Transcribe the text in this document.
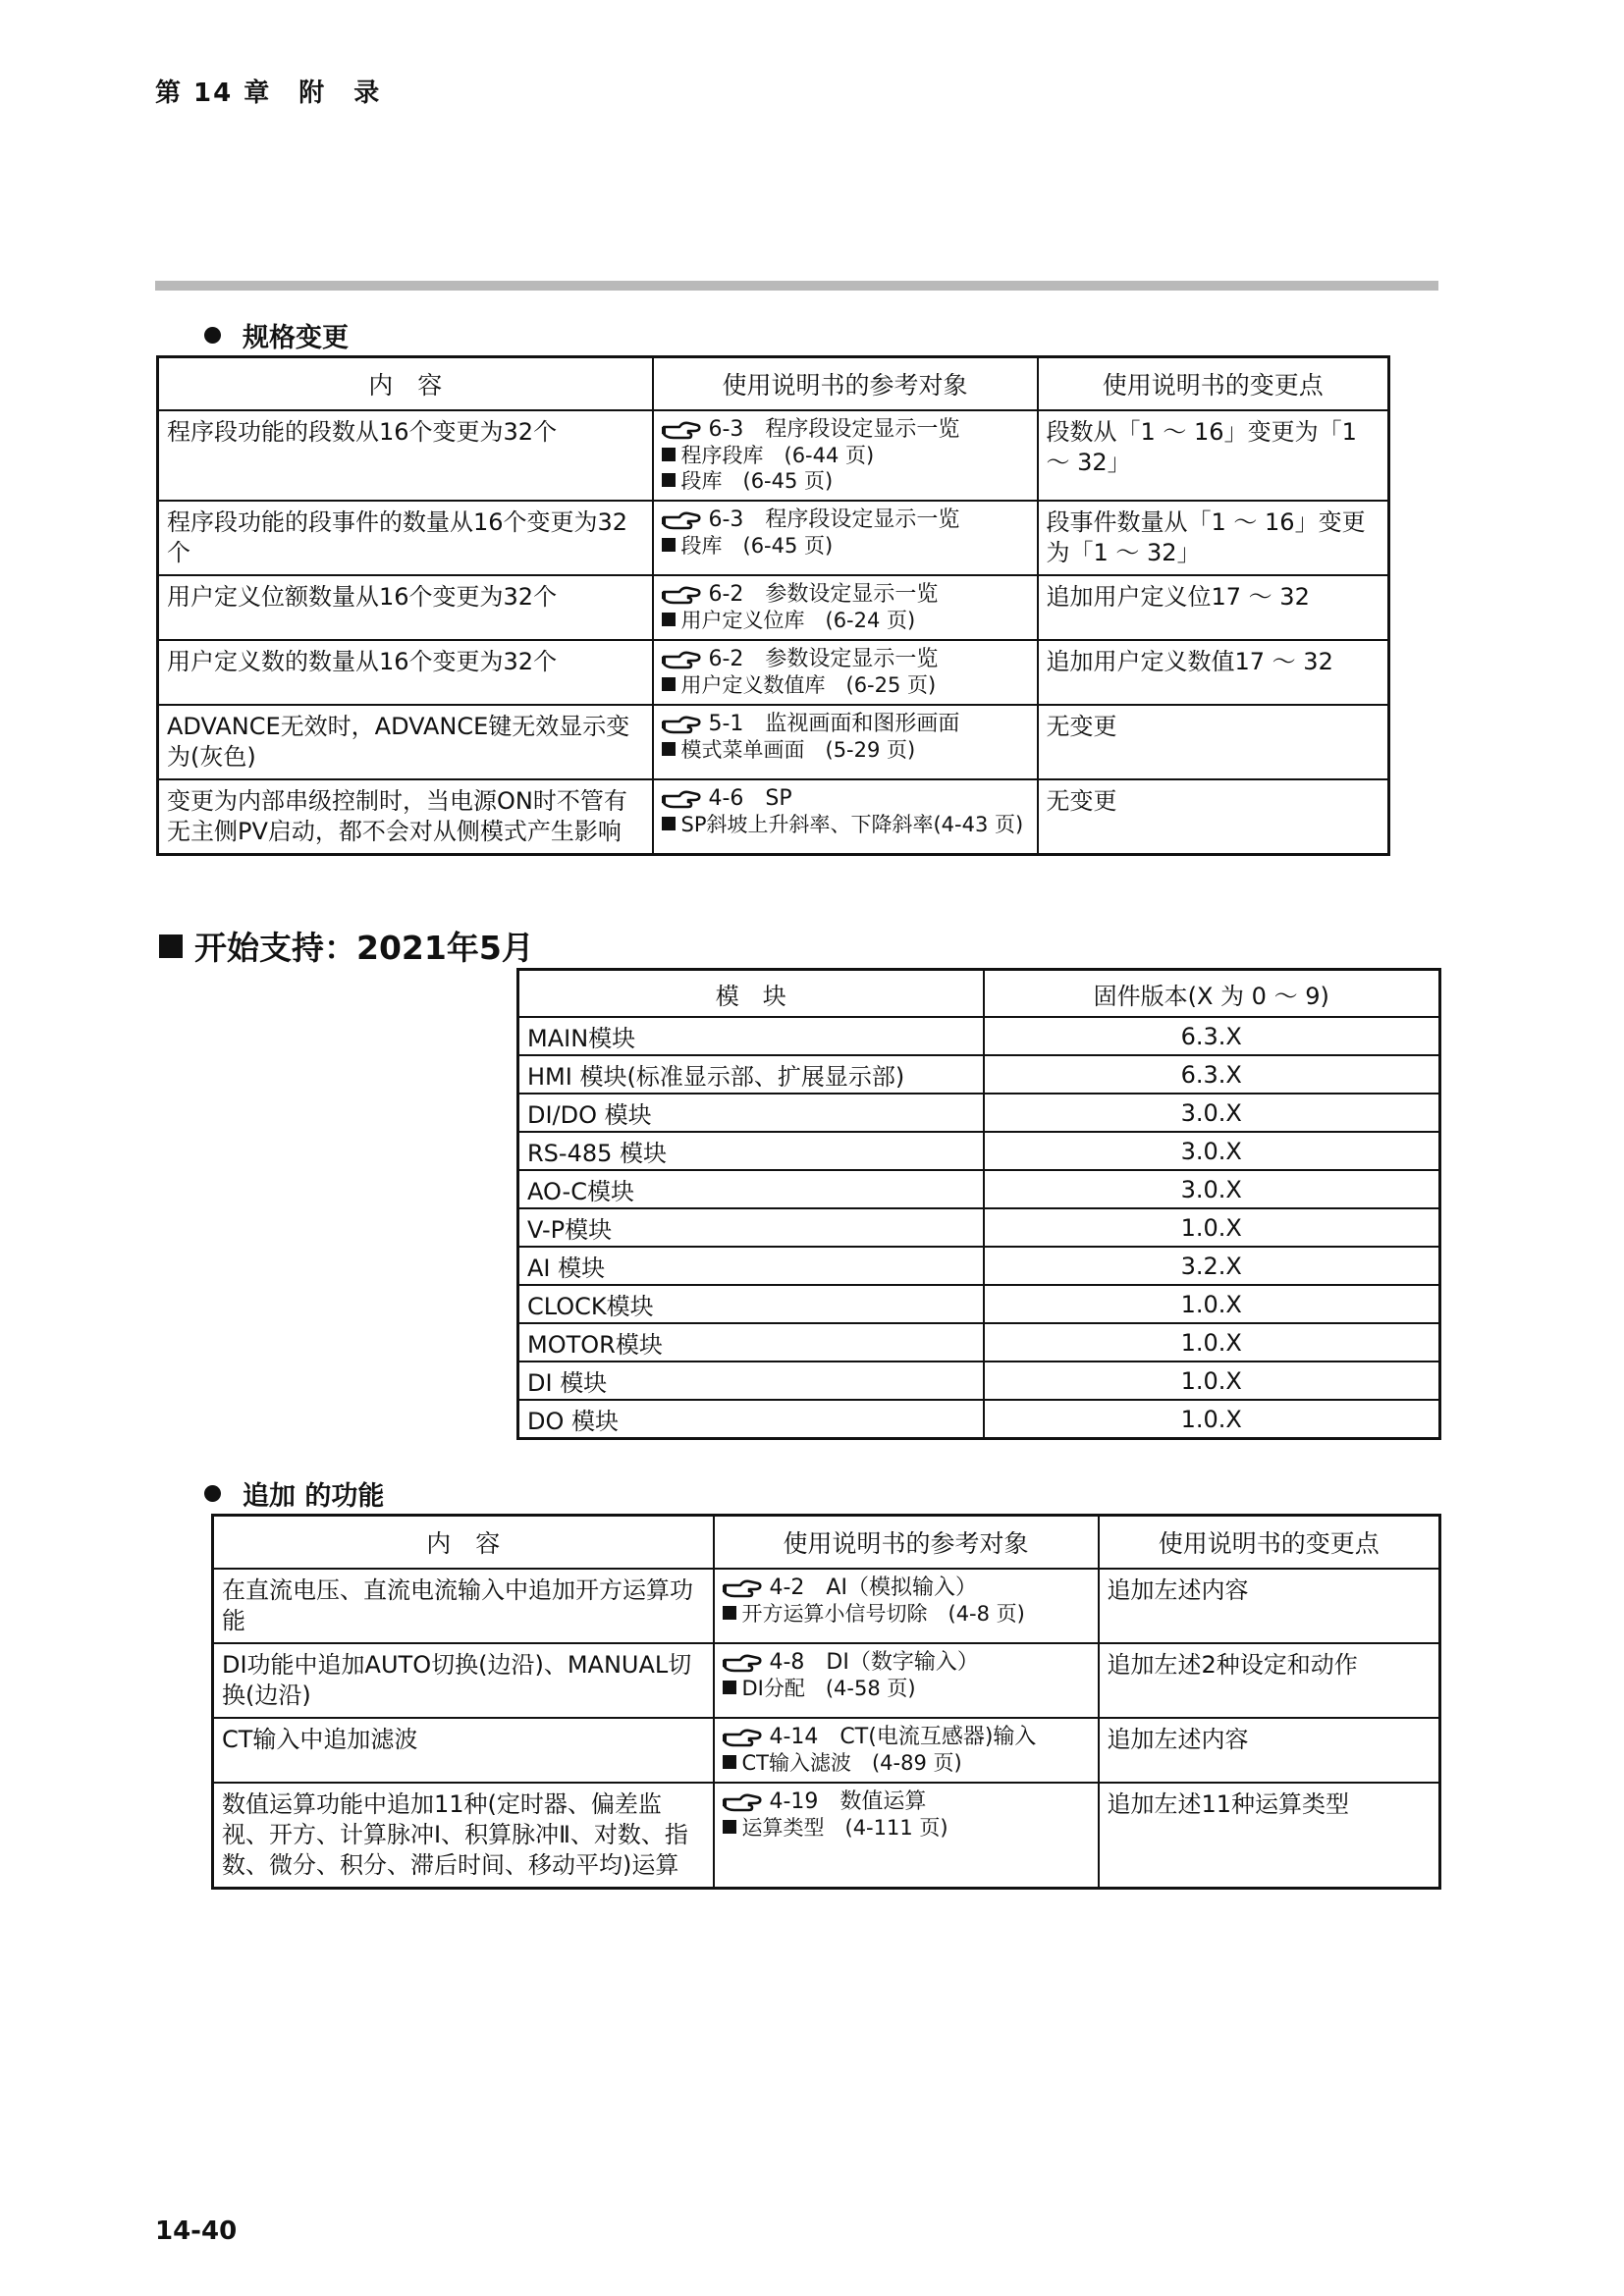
第 14 章　附　录
规格变更
内　容	使用说明书的参考对象	使用说明书的变更点

程序段功能的段数从16个变更为32个	6-3　程序段设定显示一览
程序段库　(6-44 页)
段库　(6-45 页)	段数从「1 ～ 16」变更为「1 ～ 32」

程序段功能的段事件的数量从16个变更为32个	6-3　程序段设定显示一览
段库　(6-45 页)	段事件数量从「1 ～ 16」变更为「1 ～ 32」

用户定义位额数量从16个变更为32个	6-2　参数设定显示一览
用户定义位库　(6-24 页)	追加用户定义位17 ～ 32

用户定义数的数量从16个变更为32个	6-2　参数设定显示一览
用户定义数值库　(6-25 页)	追加用户定义数值17 ～ 32

ADVANCE无效时，ADVANCE键无效显示变为(灰色)	5-1　监视画面和图形画面
模式菜单画面　(5-29 页)	无变更

变更为内部串级控制时，当电源ON时不管有无主侧PV启动，都不会对从侧模式产生影响	4-6　SP
SP斜坡上升斜率、下降斜率(4-43 页)	无变更
开始支持：2021年5月
模　块	固件版本(X 为 0 ～ 9)
MAIN模块	6.3.X
HMI 模块(标准显示部、扩展显示部)	6.3.X
DI/DO 模块	3.0.X
RS-485 模块	3.0.X
AO-C模块	3.0.X
V-P模块	1.0.X
AI 模块	3.2.X
CLOCK模块	1.0.X
MOTOR模块	1.0.X
DI 模块	1.0.X
DO 模块	1.0.X
追加 的功能
内　容	使用说明书的参考对象	使用说明书的变更点

在直流电压、直流电流输入中追加开方运算功能	4-2　AI（模拟输入）
开方运算小信号切除　(4-8 页)	追加左述内容

DI功能中追加AUTO切换(边沿)、MANUAL切换(边沿)	4-8　DI（数字输入）
DI分配　(4-58 页)	追加左述2种设定和动作

CT输入中追加滤波	4-14　CT(电流互感器)输入
CT输入滤波　(4-89 页)	追加左述内容

数值运算功能中追加11种(定时器、偏差监视、开方、计算脉冲Ⅰ、积算脉冲Ⅱ、对数、指数、微分、积分、滞后时间、移动平均)运算	4-19　数值运算
运算类型　(4-111 页)	追加左述11种运算类型
14-40
